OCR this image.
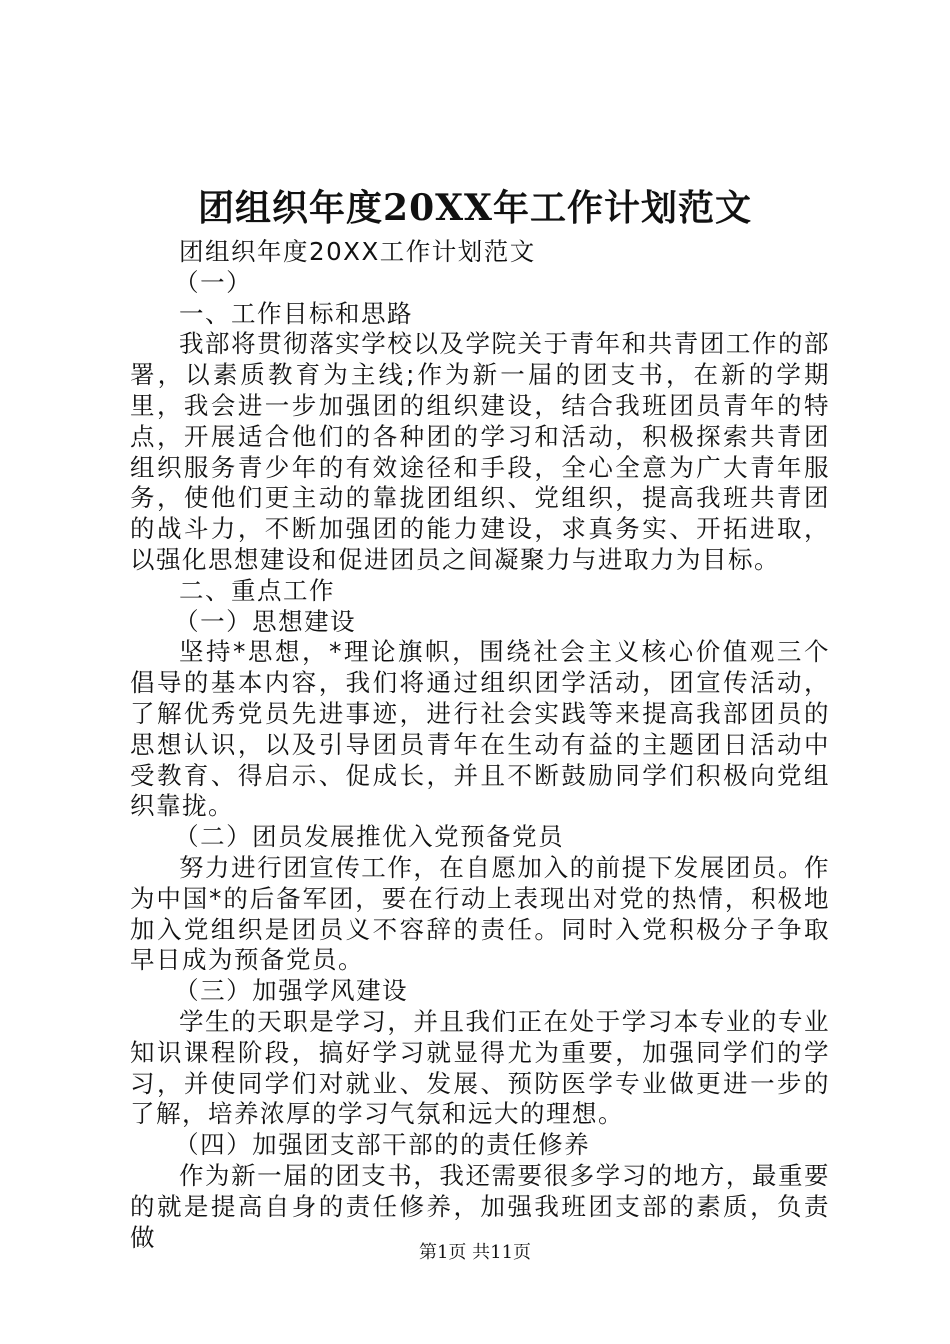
团组织年度20XX年工作计划范文

团组织年度20XX工作计划范文

（一）

一、工作目标和思路

我部将贯彻落实学校以及学院关于青年和共青团工作的部署，以素质教育为主线;作为新一届的团支书，在新的学期里，我会进一步加强团的组织建设，结合我班团员青年的特点，开展适合他们的各种团的学习和活动，积极探索共青团组织服务青少年的有效途径和手段，全心全意为广大青年服务，使他们更主动的靠拢团组织、党组织，提高我班共青团的战斗力，不断加强团的能力建设，求真务实、开拓进取，以强化思想建设和促进团员之间凝聚力与进取力为目标。

二、重点工作

（一）思想建设

坚持*思想，*理论旗帜，围绕社会主义核心价值观三个倡导的基本内容，我们将通过组织团学活动，团宣传活动，了解优秀党员先进事迹，进行社会实践等来提高我部团员的思想认识，以及引导团员青年在生动有益的主题团日活动中受教育、得启示、促成长，并且不断鼓励同学们积极向党组织靠拢。

（二）团员发展推优入党预备党员

努力进行团宣传工作，在自愿加入的前提下发展团员。作为中国*的后备军团，要在行动上表现出对党的热情，积极地加入党组织是团员义不容辞的责任。同时入党积极分子争取早日成为预备党员。

（三）加强学风建设

学生的天职是学习，并且我们正在处于学习本专业的专业知识课程阶段，搞好学习就显得尤为重要，加强同学们的学习，并使同学们对就业、发展、预防医学专业做更进一步的了解，培养浓厚的学习气氛和远大的理想。

（四）加强团支部干部的的责任修养

作为新一届的团支书，我还需要很多学习的地方，最重要的就是提高自身的责任修养，加强我班团支部的素质，负责做

第1页 共11页
